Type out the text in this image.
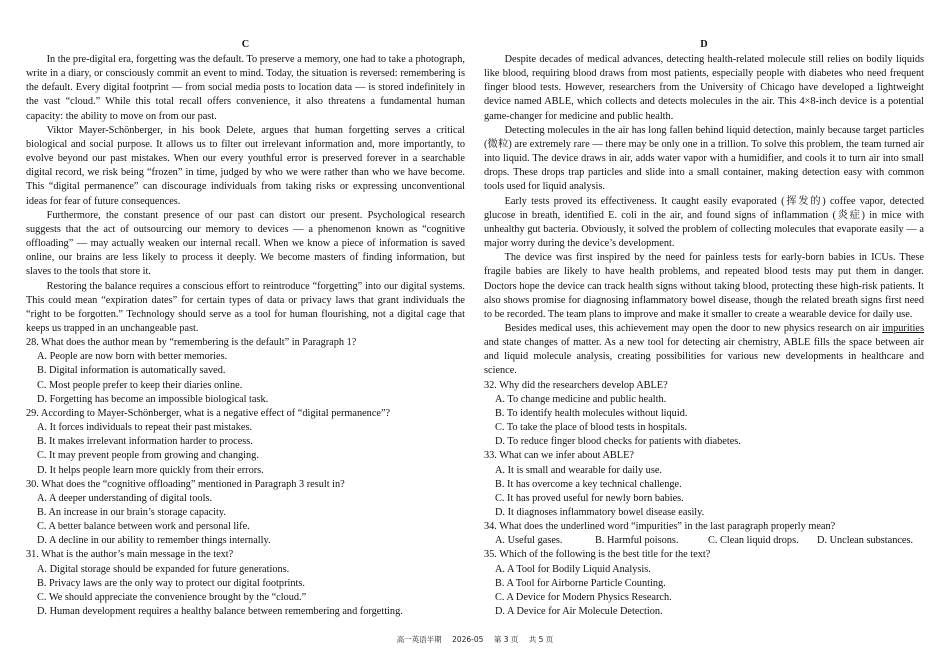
C

In the pre-digital era, forgetting was the default. To preserve a memory, one had to take a photograph, write in a diary, or consciously commit an event to mind. Today, the situation is reversed: remembering is the default. Every digital footprint — from social media posts to location data — is stored indefinitely in the vast “cloud.” While this total recall offers convenience, it also threatens a fundamental human capacity: the ability to move on from our past.

Viktor Mayer-Schönberger, in his book Delete, argues that human forgetting serves a critical biological and social purpose. It allows us to filter out irrelevant information and, more importantly, to evolve beyond our past mistakes. When our every youthful error is preserved forever in a searchable digital record, we risk being “frozen” in time, judged by who we were rather than who we have become. This “digital permanence” can discourage individuals from taking risks or expressing unconventional ideas for fear of future consequences.

Furthermore, the constant presence of our past can distort our present. Psychological research suggests that the act of outsourcing our memory to devices — a phenomenon known as “cognitive offloading” — may actually weaken our internal recall. When we know a piece of information is saved online, our brains are less likely to process it deeply. We become masters of finding information, but slaves to the tools that store it.

Restoring the balance requires a conscious effort to reintroduce “forgetting” into our digital systems. This could mean “expiration dates” for certain types of data or privacy laws that grant individuals the “right to be forgotten.” Technology should serve as a tool for human flourishing, not a digital cage that keeps us trapped in an unchangeable past.

28. What does the author mean by “remembering is the default” in Paragraph 1?
A. People are now born with better memories.
B. Digital information is automatically saved.
C. Most people prefer to keep their diaries online.
D. Forgetting has become an impossible biological task.
29. According to Mayer-Schönberger, what is a negative effect of “digital permanence”?
A. It forces individuals to repeat their past mistakes.
B. It makes irrelevant information harder to process.
C. It may prevent people from growing and changing.
D. It helps people learn more quickly from their errors.
30. What does the “cognitive offloading” mentioned in Paragraph 3 result in?
A. A deeper understanding of digital tools.
B. An increase in our brain’s storage capacity.
C. A better balance between work and personal life.
D. A decline in our ability to remember things internally.
31. What is the author’s main message in the text?
A. Digital storage should be expanded for future generations.
B. Privacy laws are the only way to protect our digital footprints.
C. We should appreciate the convenience brought by the “cloud.”
D. Human development requires a healthy balance between remembering and forgetting.
D

Despite decades of medical advances, detecting health-related molecule still relies on bodily liquids like blood, requiring blood draws from most patients, especially people with diabetes who need frequent finger blood tests. However, researchers from the University of Chicago have developed a lightweight device named ABLE, which collects and detects molecules in the air. This 4×8-inch device is a potential game-changer for medicine and public health.

Detecting molecules in the air has long fallen behind liquid detection, mainly because target particles (微粒) are extremely rare — there may be only one in a trillion. To solve this problem, the team turned air into liquid. The device draws in air, adds water vapor with a humidifier, and cools it to turn air into small drops. These drops trap particles and slide into a small container, making detection easy with common tools used for liquid analysis.

Early tests proved its effectiveness. It caught easily evaporated (挥发的) coffee vapor, detected glucose in breath, identified E. coli in the air, and found signs of inflammation (炎症) in mice with unhealthy gut bacteria. Obviously, it solved the problem of collecting molecules that evaporate easily — a major worry during the device’s development.

The device was first inspired by the need for painless tests for early-born babies in ICUs. These fragile babies are likely to have health problems, and repeated blood tests may put them in danger. Doctors hope the device can track health signs without taking blood, protecting these high-risk patients. It also shows promise for diagnosing inflammatory bowel disease, though the related breath signs first need to be recorded. The team plans to improve and make it smaller to create a wearable device for daily use.

Besides medical uses, this achievement may open the door to new physics research on air impurities and state changes of matter. As a new tool for detecting air chemistry, ABLE fills the space between air and liquid molecule analysis, creating possibilities for various new developments in healthcare and science.

32. Why did the researchers develop ABLE?
A. To change medicine and public health.
B. To identify health molecules without liquid.
C. To take the place of blood tests in hospitals.
D. To reduce finger blood checks for patients with diabetes.
33. What can we infer about ABLE?
A. It is small and wearable for daily use.
B. It has overcome a key technical challenge.
C. It has proved useful for newly born babies.
D. It diagnoses inflammatory bowel disease easily.
34. What does the underlined word “impurities” in the last paragraph properly mean?
A. Useful gases.	B. Harmful poisons.	C. Clean liquid drops.	D. Unclean substances.
35. Which of the following is the best title for the text?
A. A Tool for Bodily Liquid Analysis.
B. A Tool for Airborne Particle Counting.
C. A Device for Modern Physics Research.
D. A Device for Air Molecule Detection.
高一英语半期 2026-05 第 3 页 共 5 页
